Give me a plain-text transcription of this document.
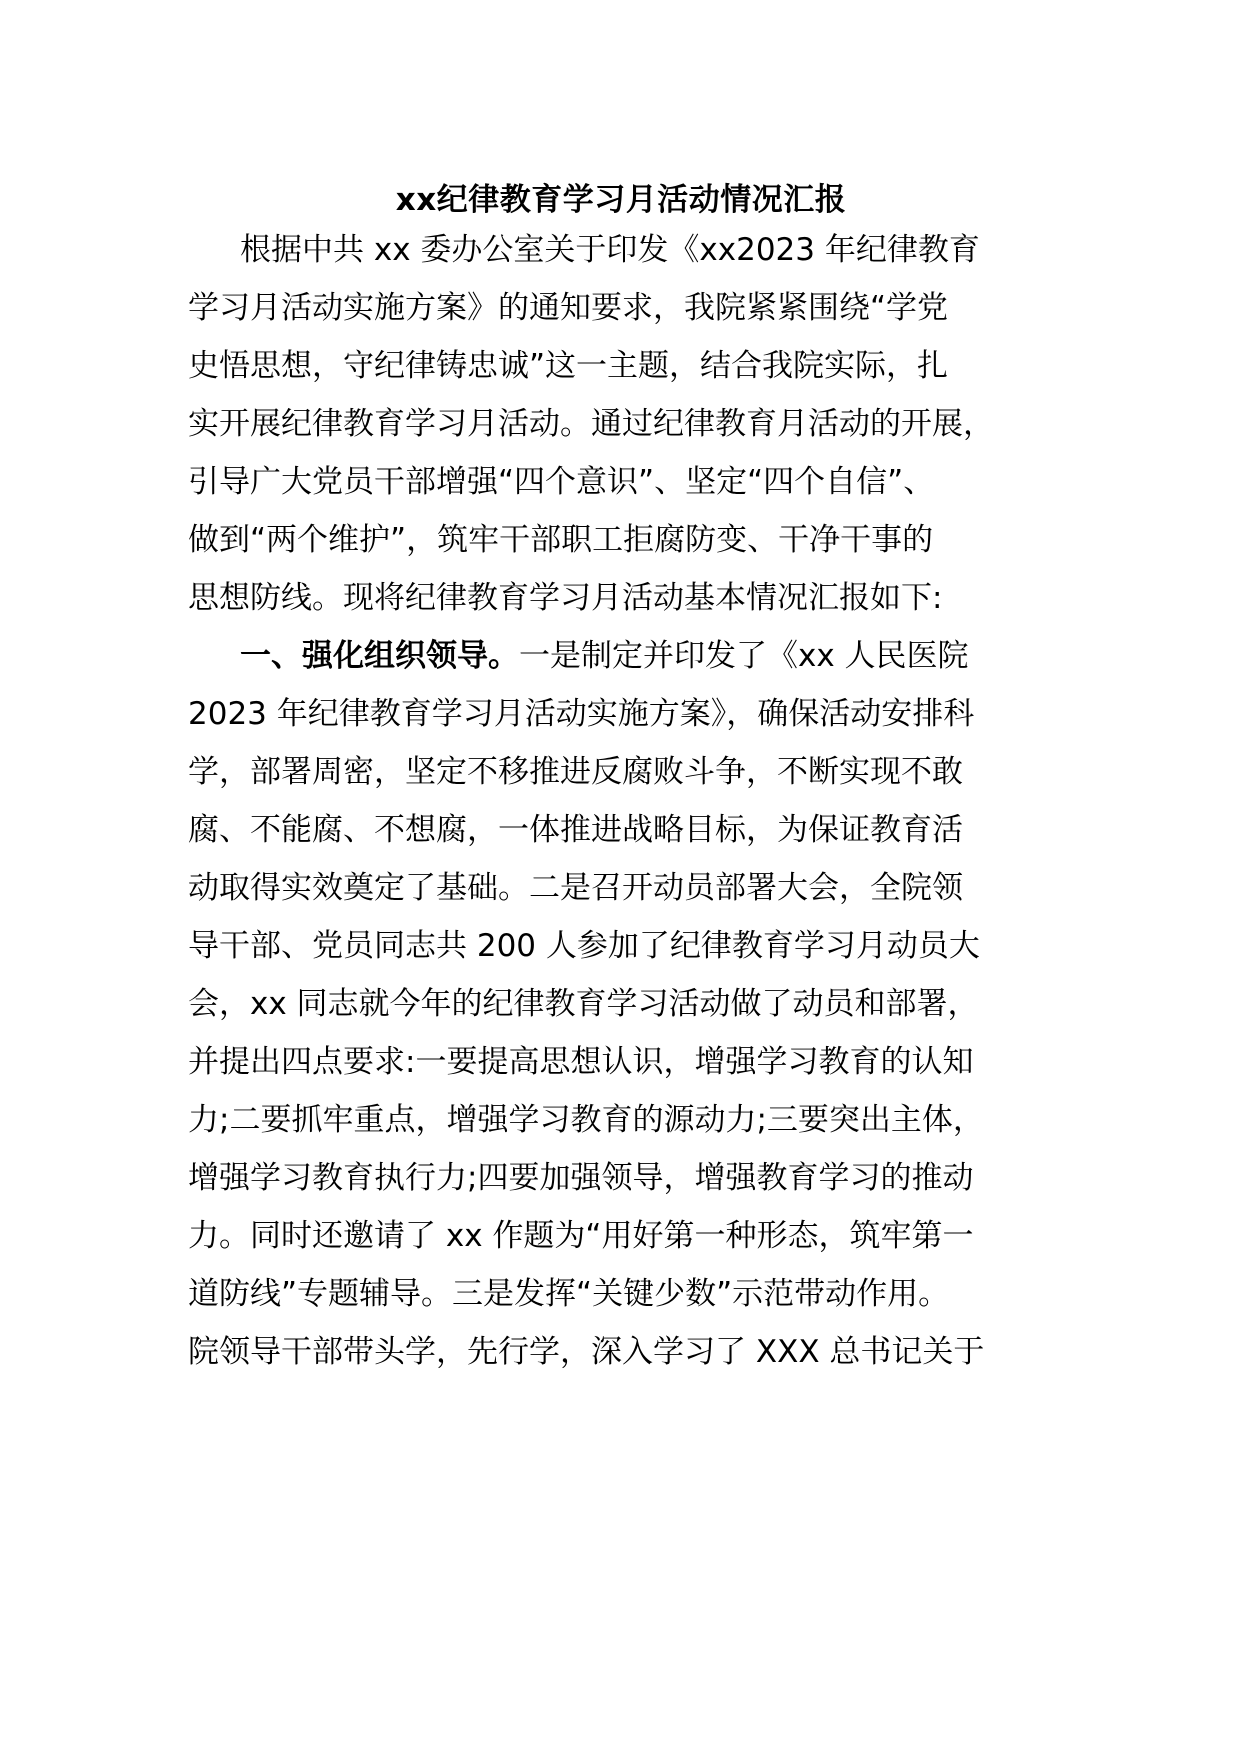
xx纪律教育学习月活动情况汇报
根据中共 xx 委办公室关于印发《xx2023 年纪律教育
学习月活动实施方案》的通知要求，我院紧紧围绕“学党
史悟思想，守纪律铸忠诚”这一主题，结合我院实际，扎
实开展纪律教育学习月活动。通过纪律教育月活动的开展，
引导广大党员干部增强“四个意识”、坚定“四个自信”、
做到“两个维护”，筑牢干部职工拒腐防变、干净干事的
思想防线。现将纪律教育学习月活动基本情况汇报如下:
一、强化组织领导。一是制定并印发了《xx 人民医院
2023 年纪律教育学习月活动实施方案》，确保活动安排科
学，部署周密，坚定不移推进反腐败斗争，不断实现不敢
腐、不能腐、不想腐，一体推进战略目标，为保证教育活
动取得实效奠定了基础。二是召开动员部署大会，全院领
导干部、党员同志共 200 人参加了纪律教育学习月动员大
会，xx 同志就今年的纪律教育学习活动做了动员和部署，
并提出四点要求:一要提高思想认识，增强学习教育的认知
力;二要抓牢重点，增强学习教育的源动力;三要突出主体，
增强学习教育执行力;四要加强领导，增强教育学习的推动
力。同时还邀请了 xx 作题为“用好第一种形态，筑牢第一
道防线”专题辅导。三是发挥“关键少数”示范带动作用。
院领导干部带头学，先行学，深入学习了 XXX 总书记关于
